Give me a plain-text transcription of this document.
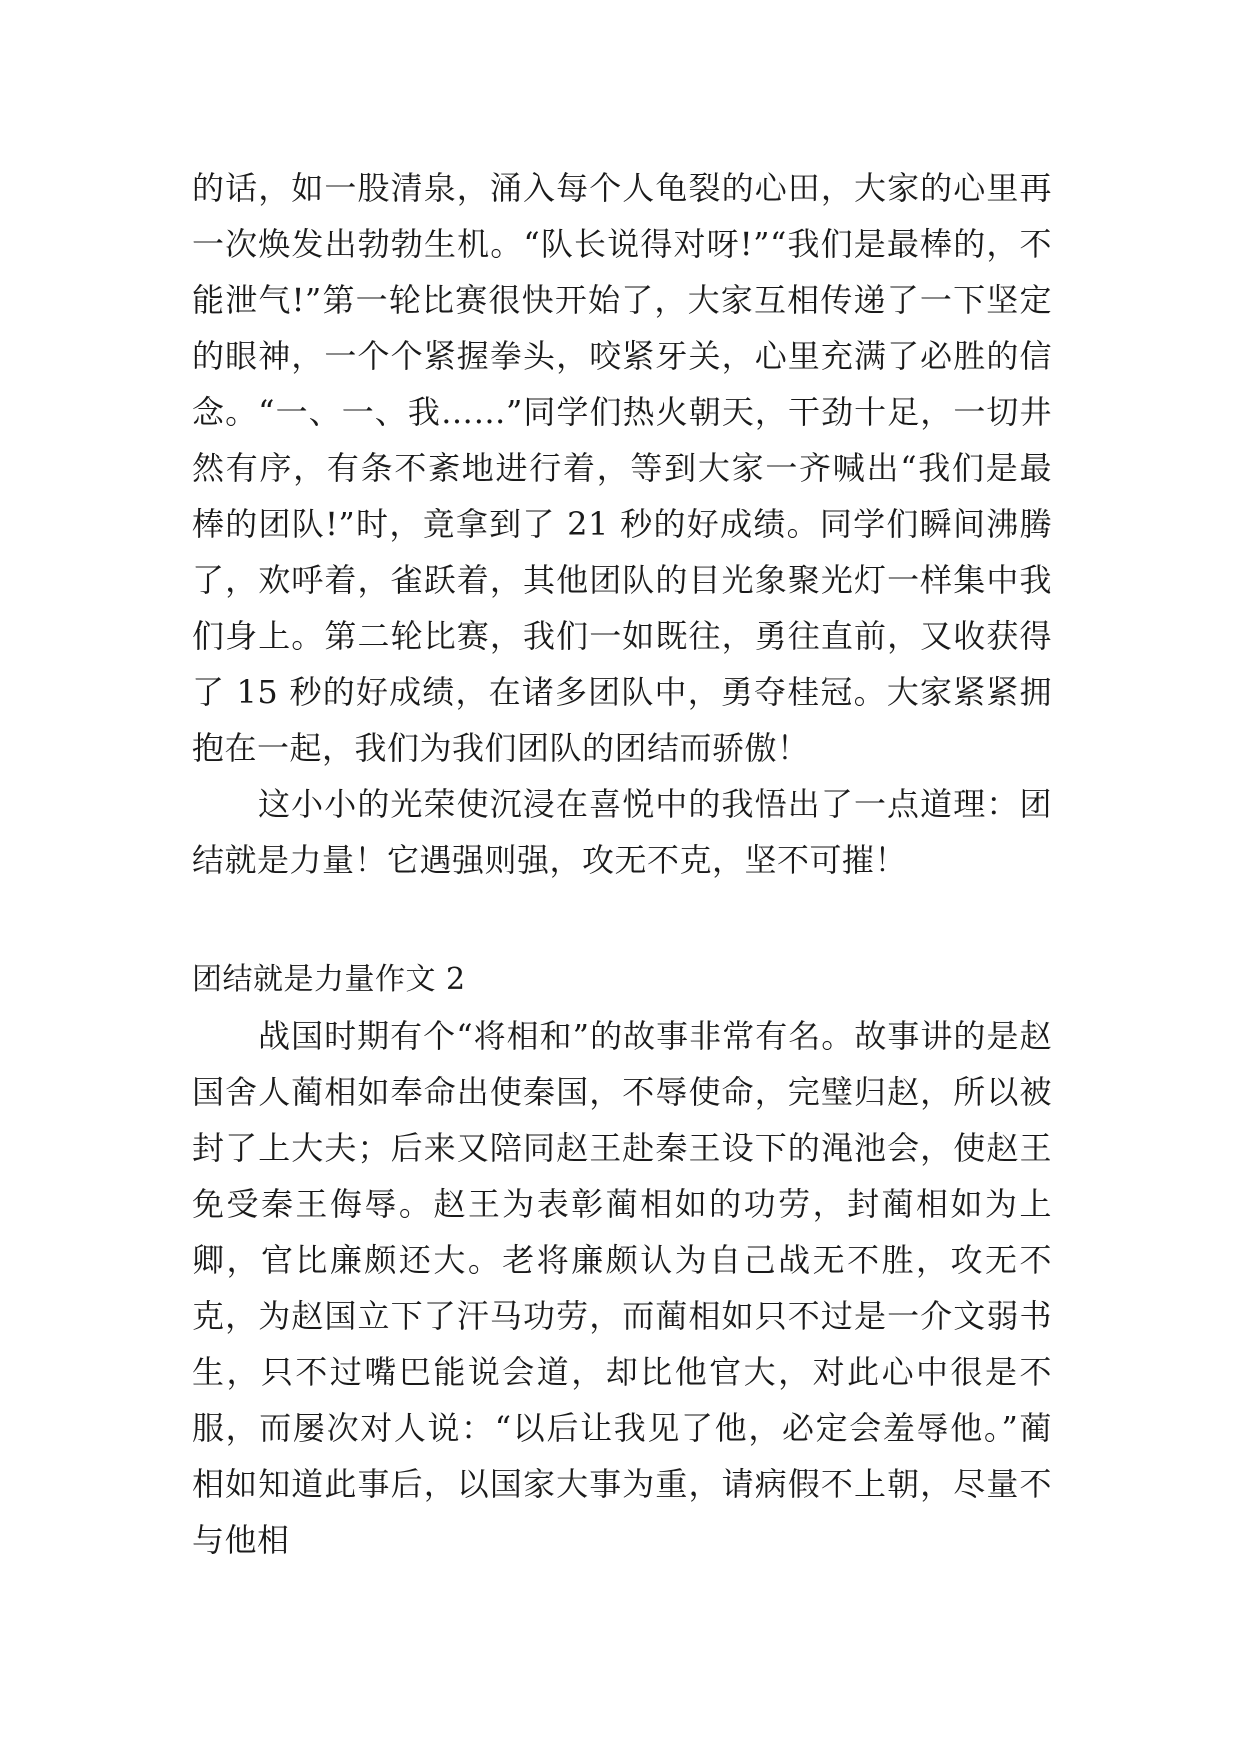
的话，如一股清泉，涌入每个人龟裂的心田，大家的心里再一次焕发出勃勃生机。“队长说得对呀!”“我们是最棒的，不能泄气!”第一轮比赛很快开始了，大家互相传递了一下坚定的眼神，一个个紧握拳头，咬紧牙关，心里充满了必胜的信念。“一、一、我……”同学们热火朝天，干劲十足，一切井然有序，有条不紊地进行着，等到大家一齐喊出“我们是最棒的团队!”时，竟拿到了 21 秒的好成绩。同学们瞬间沸腾了，欢呼着，雀跃着，其他团队的目光象聚光灯一样集中我们身上。第二轮比赛，我们一如既往，勇往直前，又收获得了 15 秒的好成绩，在诸多团队中，勇夺桂冠。大家紧紧拥抱在一起，我们为我们团队的团结而骄傲！

这小小的光荣使沉浸在喜悦中的我悟出了一点道理：团结就是力量！它遇强则强，攻无不克，坚不可摧！

团结就是力量作文 2

战国时期有个“将相和”的故事非常有名。故事讲的是赵国舍人蔺相如奉命出使秦国，不辱使命，完璧归赵，所以被封了上大夫；后来又陪同赵王赴秦王设下的渑池会，使赵王免受秦王侮辱。赵王为表彰蔺相如的功劳，封蔺相如为上卿，官比廉颇还大。老将廉颇认为自己战无不胜，攻无不克，为赵国立下了汗马功劳，而蔺相如只不过是一介文弱书生，只不过嘴巴能说会道，却比他官大，对此心中很是不服，而屡次对人说：“以后让我见了他，必定会羞辱他。”蔺相如知道此事后，以国家大事为重，请病假不上朝，尽量不与他相
